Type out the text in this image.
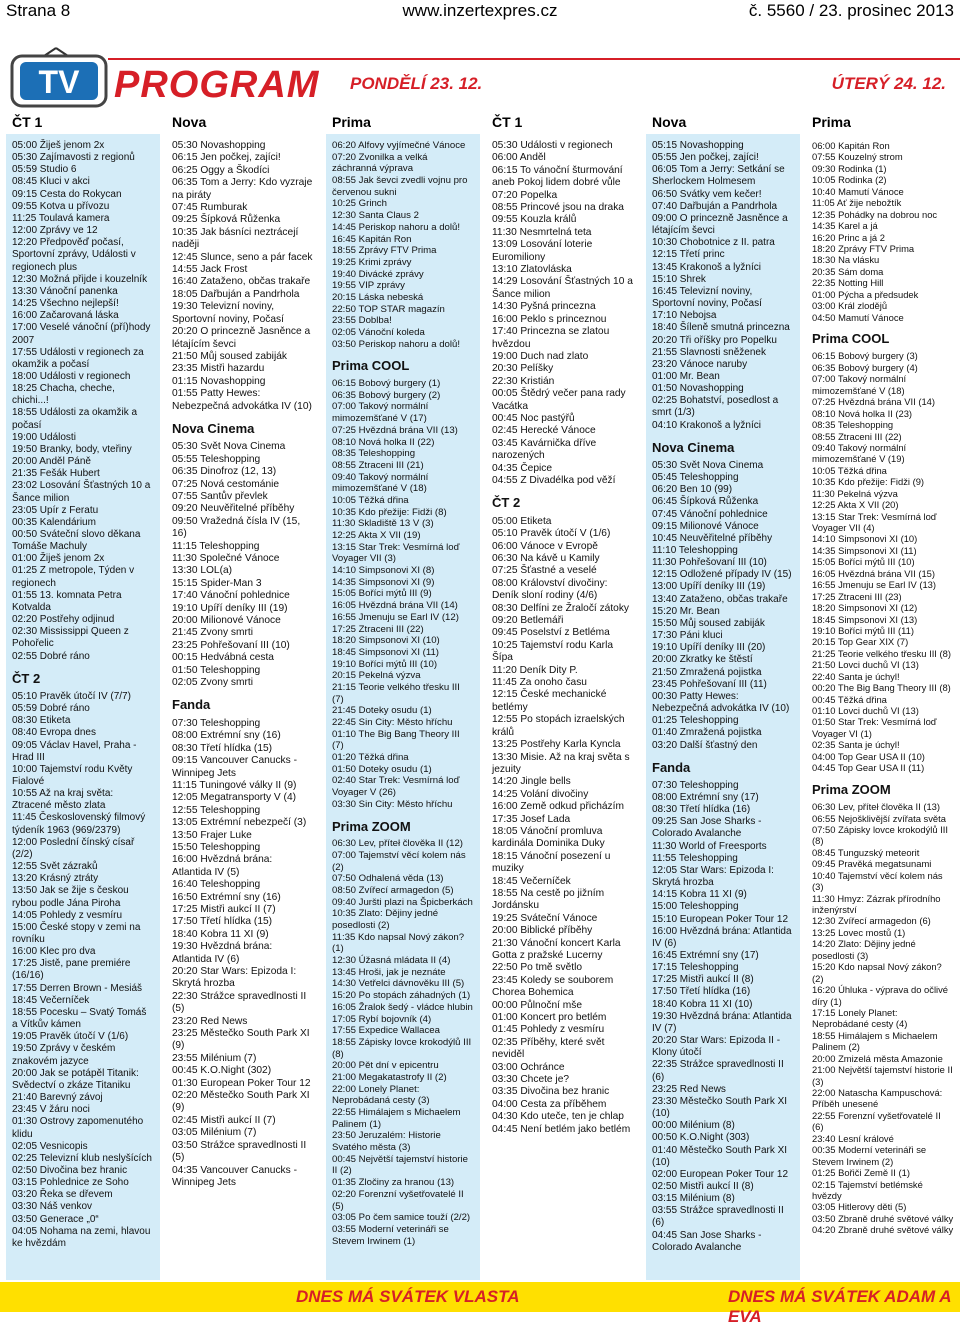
Strana 8	www.inzertexpres.cz	č. 5560 / 23. prosinec 2013
TV PROGRAM PONDĚLÍ 23. 12.	ÚTERÝ 24. 12.
ČT 1
05:00 Žiješ jenom 2x
05:30 Zajímavosti z regionů
05:59 Studio 6
08:45 Kluci v akci
09:15 Cesta do Rokycan
09:55 Kotva u přívozu
11:25 Toulavá kamera
12:00 Zprávy ve 12
12:20 Předpověď počasí, Sportovní zprávy, Události v regionech plus
12:30 Možná přijde i kouzelník
13:30 Vánoční panenka
14:25 Všechno nejlepší!
16:00 Začarovaná láska
17:00 Veselé vánoční (pří)hody 2007
17:55 Události v regionech za okamžik a počasí
18:00 Události v regionech
18:25 Chacha, cheche, chichi...!
18:55 Události za okamžik a počasí
19:00 Události
19:50 Branky, body, vteřiny
20:00 Anděl Páně
21:35 Fešák Hubert
23:02 Losování Šťastných 10 a Šance milion
23:05 Upír z Feratu
00:35 Kalendárium
00:50 Sváteční slovo děkana Tomáše Machuly
01:00 Žiješ jenom 2x
01:25 Z metropole, Týden v regionech
01:55 13. komnata Petra Kotvalda
02:20 Postřehy odjinud
02:30 Mississippi Queen z Pohořelic
02:55 Dobré ráno
ČT 2
05:10 Pravěk útočí IV (7/7)
05:59 Dobré ráno
08:30 Etiketa
08:40 Evropa dnes
09:05 Václav Havel, Praha - Hrad III
10:00 Tajemství rodu Květy Fialové
10:55 Až na kraj světa: Ztracené město zlata
11:45 Československý filmový týdeník 1963 (969/2379)
12:00 Poslední čínský císař (2/2)
12:55 Svět zázraků
13:20 Krásný ztráty
13:50 Jak se žije s českou rybou podle Jána Piroha
14:05 Pohledy z vesmíru
15:00 České stopy v zemi na rovníku
16:00 Klec pro dva
17:25 Jistě, pane premiére (16/16)
17:55 Derren Brown - Mesiáš
18:45 Večerníček
18:55 Pocesku – Svatý Tomáš a Vítkův kámen
19:05 Pravěk útočí V (1/6)
19:50 Zprávy v českém znakovém jazyce
20:00 Jak se potápěl Titanik: Svědectví o zkáze Titaniku
21:40 Barevný závoj
23:45 V žáru noci
01:30 Ostrovy zapomenutého klidu
02:05 Vesnicopis
02:25 Televizní klub neslyšících
02:50 Divočina bez hranic
03:15 Pohlednice ze Soho
03:20 Řeka se dřevem
03:30 Náš venkov
03:50 Generace „0“
04:05 Nohama na zemi, hlavou ke hvězdám
Nova
05:30 Novashopping
06:15 Jen počkej, zajíci!
06:25 Oggy a Škodíci
06:35 Tom a Jerry: Kdo vyzraje na piráty
07:45 Rumburak
09:25 Šípková Růženka
10:35 Jak básníci neztrácejí naději
12:45 Slunce, seno a pár facek
14:55 Jack Frost
16:40 Zataženo, občas trakaře
18:05 Dařbuján a Pandrhola
19:30 Televizní noviny, Sportovní noviny, Počasí
20:20 O princezně Jasněnce a létajícím ševci
21:50 Můj soused zabiják
23:35 Mistři hazardu
01:15 Novashopping
01:55 Patty Hewes: Nebezpečná advokátka IV (10)
Nova Cinema
05:30 Svět Nova Cinema
05:55 Teleshopping
06:35 Dinofroz (12, 13)
07:25 Nová cestománie
07:55 Santův převlek
09:20 Neuvěřitelné příběhy
09:50 Vražedná čísla IV (15, 16)
11:15 Teleshopping
11:30 Společné Vánoce
13:30 LOL(a)
15:15 Spider-Man 3
17:40 Vánoční pohlednice
19:10 Upíří deníky III (19)
20:00 Milionové Vánoce
21:45 Zvony smrti
23:25 Pohřešovaní III (10)
00:15 Hedvábná cesta
01:50 Teleshopping
02:05 Zvony smrti
Fanda
07:30 Teleshopping
08:00 Extrémní sny (16)
08:30 Třetí hlídka (15)
09:15 Vancouver Canucks - Winnipeg Jets
11:15 Tuningové války II (9)
12:05 Megatransporty V (4)
12:55 Teleshopping
13:05 Extrémní nebezpečí (3)
13:50 Frajer Luke
15:50 Teleshopping
16:00 Hvězdná brána: Atlantida IV (5)
16:40 Teleshopping
16:50 Extrémní sny (16)
17:25 Mistři aukcí II (7)
17:50 Třetí hlídka (15)
18:40 Kobra 11 XI (9)
19:30 Hvězdná brána: Atlantida IV (6)
20:20 Star Wars: Epizoda I: Skrytá hrozba
22:30 Strážce spravedlnosti II (5)
23:20 Red News
23:25 Městečko South Park XI (9)
23:55 Milénium (7)
00:45 K.O.Night (302)
01:30 European Poker Tour 12
02:20 Městečko South Park XI (9)
02:45 Mistři aukcí II (7)
03:05 Milénium (7)
03:50 Strážce spravedlnosti II (5)
04:35 Vancouver Canucks - Winnipeg Jets
Prima
06:20 Alfovy vyjímečné Vánoce
07:20 Zvonilka a velká záchranná výprava
08:55 Jak ševci zvedli vojnu pro červenou sukni
10:25 Grinch
12:30 Santa Claus 2
14:45 Periskop nahoru a dolů!
16:45 Kapitán Ron
18:55 Zprávy FTV Prima
19:25 Krimi zprávy
19:40 Divácké zprávy
19:55 VIP zprávy
20:15 Láska nebeská
22:50 TOP STAR magazín
23:55 Doblba!
02:05 Vánoční koleda
03:50 Periskop nahoru a dolů!
Prima COOL
06:15 Bobový burgery (1)
06:35 Bobový burgery (2)
07:00 Takový normální mimozemšťané V (17)
07:25 Hvězdná brána VII (13)
08:10 Nová holka II (22)
08:35 Teleshopping
08:55 Ztraceni III (21)
09:40 Takový normální mimozemšťané V (18)
10:05 Těžká dřina
10:35 Kdo přežije: Fidži (8)
11:30 Skladiště 13 V (3)
12:25 Akta X VII (19)
13:15 Star Trek: Vesmírná loď Voyager VII (3)
14:10 Simpsonovi XI (8)
14:35 Simpsonovi XI (9)
15:05 Boříci mýtů III (9)
16:05 Hvězdná brána VII (14)
16:55 Jmenuju se Earl IV (12)
17:25 Ztraceni III (22)
18:20 Simpsonovi XI (10)
18:45 Simpsonovi XI (11)
19:10 Boříci mýtů III (10)
20:15 Pekelná výzva
21:15 Teorie velkého třesku III (7)
21:45 Doteky osudu (1)
22:45 Sin City: Město hříchu
01:10 The Big Bang Theory III (7)
01:20 Těžká dřina
01:50 Doteky osudu (1)
02:40 Star Trek: Vesmírná loď Voyager V (26)
03:30 Sin City: Město hříchu
Prima ZOOM
06:30 Lev, příteł člověka II (12)
07:00 Tajemství věcí kolem nás (2)
07:50 Odhalená věda (13)
08:50 Zvířecí armagedon (5)
09:40 Juršti plazi na Špicberkách
10:35 Zlato: Dějiny jedné posedlosti (2)
11:35 Kdo napsal Nový zákon? (1)
12:30 Úžasná mládata II (4)
13:45 Hroši, jak je neznáte
14:30 Vetřelci dávnověku III (5)
15:20 Po stopách záhadných (1)
16:05 Žralok šedý - vládce hlubin
17:05 Rybí bojovník (4)
17:55 Expedice Wallacea
18:55 Zápisky lovce krokodýlů III (8)
20:00 Pět dní v epicentru
21:00 Megakatastrofy II (2)
22:00 Lonely Planet: Neprobádaná cesty (3)
22:55 Himálajem s Michaelem Palinem (1)
23:50 Jeruzalém: Historie Svatého města (3)
00:45 Největší tajemství historie II (2)
01:35 Zločiny za hranou (13)
02:20 Forenzní vyšetřovatelé II (5)
03:05 Po čem samice touží (2/2)
03:55 Moderní veterináři se Stevem Irwinem (1)
ČT 1
05:30 Události v regionech
06:00 Anděl
06:15 To vánoční šturmování aneb Pokoj lidem dobré vůle
07:20 Popelka
08:55 Princové jsou na draka
09:55 Kouzla králů
11:30 Nesmrtelná teta
13:09 Losování loterie Euromiliony
13:10 Zlatovláska
14:29 Losování Šťastných 10 a Šance milion
14:30 Pyšná princezna
16:00 Peklo s princeznou
17:40 Princezna se zlatou hvězdou
19:00 Duch nad zlato
20:30 Pelíšky
22:30 Kristián
00:05 Štědrý večer pana rady Vacátka
00:45 Noc pastýřů
02:45 Herecké Vánoce
03:45 Kavárnička dříve narozených
04:35 Čepice
04:55 Z Divadélka pod věží
ČT 2
05:00 Etiketa
05:10 Pravěk útočí V (1/6)
06:00 Vánoce v Evropě
06:30 Na kávě u Kamily
07:25 Šťastné a veselé
08:00 Království divočiny: Deník sloní rodiny (4/6)
08:30 Delfíni ze Žraločí zátoky
09:20 Betlemáři
09:45 Poselství z Betléma
10:25 Tajemství rodu Karla Šípa
11:20 Deník Dity P.
11:45 Za onoho času
12:15 České mechanické betlémy
12:55 Po stopách izraelských králů
13:25 Postřehy Karla Kyncla
13:30 Misie. Až na kraj světa s jezuity
14:20 Jingle bells
14:25 Volání divočiny
16:00 Země odkud přicházím
17:35 Josef Lada
18:05 Vánoční promluva kardinála Dominika Duky
18:15 Vánoční posezení u muziky
18:45 Večerníček
18:55 Na cestě po jižním Jordánsku
19:25 Sváteční Vánoce
20:00 Biblické příběhy
21:30 Vánoční koncert Karla Gotta z pražské Lucerny
22:50 Po tmě světlo
23:45 Koledy se souborem Chorea Bohemica
00:00 Půlnoční mše
01:00 Koncert pro betlém
01:45 Pohledy z vesmíru
02:35 Příběhy, které svět neviděl
03:00 Ochránce
03:30 Chcete je?
03:35 Divočina bez hranic
04:00 Cesta za příběhem
04:30 Kdo uteče, ten je chlap
04:45 Není betlém jako betlém
Nova
05:15 Novashopping
05:55 Jen počkej, zajíci!
06:05 Tom a Jerry: Setkání se Sherlockem Holmesem
06:50 Svátky vem kečer!
07:40 Dařbuján a Pandrhola
09:00 O princezně Jasněnce a létajícím ševci
10:30 Chobotnice z II. patra
12:15 Třetí princ
13:45 Krakonoš a lyžníci
15:10 Shrek
16:45 Televizní noviny, Sportovní noviny, Počasí
17:10 Nebojsa
18:40 Šíleně smutná princezna
20:20 Tři oříšky pro Popelku
21:55 Slavnosti sněženek
23:20 Vánoce naruby
01:00 Mr. Bean
01:50 Novashopping
02:25 Bohatství, posedlost a smrt (1/3)
04:10 Krakonoš a lyžníci
Nova Cinema
05:30 Svět Nova Cinema
05:45 Teleshopping
06:20 Ben 10 (99)
06:45 Šípková Růženka
07:45 Vánoční pohlednice
09:15 Milionové Vánoce
10:45 Neuvěřitelné příběhy
11:10 Teleshopping
11:30 Pohřešovaní III (10)
12:15 Odložené případy IV (15)
13:00 Upíří deníky III (19)
13:40 Zataženo, občas trakaře
15:20 Mr. Bean
15:50 Můj soused zabiják
17:30 Páni kluci
19:10 Upíří deníky III (20)
20:00 Zkratky ke štěstí
21:50 Zmražená pojistka
23:45 Pohřešovaní III (11)
00:30 Patty Hewes: Nebezpečná advokátka IV (10)
01:25 Teleshopping
01:40 Zmražená pojistka
03:20 Další šťastný den
Fanda
07:30 Teleshopping
08:00 Extrémní sny (17)
08:30 Třetí hlídka (16)
09:25 San Jose Sharks - Colorado Avalanche
11:30 World of Freesports
11:55 Teleshopping
12:05 Star Wars: Epizoda I: Skrytá hrozba
14:15 Kobra 11 XI (9)
15:00 Teleshopping
15:10 European Poker Tour 12
16:00 Hvězdná brána: Atlantida IV (6)
16:45 Extrémní sny (17)
17:15 Teleshopping
17:25 Mistři aukcí II (8)
17:50 Třetí hlídka (16)
18:40 Kobra 11 XI (10)
19:30 Hvězdná brána: Atlantida IV (7)
20:20 Star Wars: Epizoda II - Klony útočí
22:35 Strážce spravedlnosti II (6)
23:25 Red News
23:30 Městečko South Park XI (10)
00:00 Milénium (8)
00:50 K.O.Night (303)
01:40 Městečko South Park XI (10)
02:00 European Poker Tour 12
02:50 Mistři aukcí II (8)
03:15 Milénium (8)
03:55 Strážce spravedlnosti II (6)
04:45 San Jose Sharks - Colorado Avalanche
Prima
06:00 Kapitán Ron
07:55 Kouzelný strom
09:30 Rodinka (1)
10:05 Rodinka (2)
10:40 Mamutí Vánoce
11:05 Ať žije nebožtík
12:35 Pohádky na dobrou noc
14:35 Karel a já
16:20 Princ a já 2
18:20 Zprávy FTV Prima
18:30 Na vlásku
20:35 Sám doma
22:35 Notting Hill
01:00 Pýcha a předsudek
03:00 Král zlodějů
04:50 Mamutí Vánoce
Prima COOL
06:15 Bobový burgery (3)
06:35 Bobový burgery (4)
07:00 Takový normální mimozemšťané V (18)
07:25 Hvězdná brána VII (14)
08:10 Nová holka II (23)
08:35 Teleshopping
08:55 Ztraceni III (22)
09:40 Takový normální mimozemšťané V (19)
10:05 Těžká dřina
10:35 Kdo přežije: Fidži (9)
11:30 Pekelná výzva
12:25 Akta X VII (20)
13:15 Star Trek: Vesmírná loď Voyager VII (4)
14:10 Simpsonovi XI (10)
14:35 Simpsonovi XI (11)
15:05 Boříci mýtů III (10)
16:05 Hvězdná brána VII (15)
16:55 Jmenuju se Earl IV (13)
17:25 Ztraceni III (23)
18:20 Simpsonovi XI (12)
18:45 Simpsonovi XI (13)
19:10 Boříci mýtů III (11)
20:15 Top Gear XIX (7)
21:25 Teorie velkého třesku III (8)
21:50 Lovci duchů VI (13)
22:40 Santa je úchyl!
00:20 The Big Bang Theory III (8)
00:45 Těžká dřina
01:10 Lovci duchů VI (13)
01:50 Star Trek: Vesmírná loď Voyager VI (1)
02:35 Santa je úchyl!
04:00 Top Gear USA II (10)
04:45 Top Gear USA II (11)
Prima ZOOM
06:30 Lev, příteł člověka II (13)
06:55 Nejošklivější zvířata světa
07:50 Zápisky lovce krokodýlů III (8)
08:45 Tunguzský meteorit
09:45 Pravěká megatsunami
10:40 Tajemství věcí kolem nás (3)
11:30 Hmyz: Zázrak přírodního inženýrství
12:30 Zvířecí armagedon (6)
13:25 Lovec mostů (1)
14:20 Zlato: Dějiny jedné posedlosti (3)
15:20 Kdo napsal Nový zákon? (2)
16:20 Úhluka - výprava do očlivé díry (1)
17:15 Lonely Planet: Neprobádané cesty (4)
18:55 Himálajem s Michaelem Palinem (2)
20:00 Zmizelá města Amazonie
21:00 Největší tajemství historie II (3)
22:00 Natascha Kampuschová: Příběh unesené
22:55 Forenzní vyšetřovatelé II (6)
23:40 Lesní králové
00:35 Moderní veterináři se Stevem Irwinem (2)
01:25 Bořiči Země II (1)
02:15 Tajemství betlémské hvězdy
03:05 Hitlerovy děti (5)
03:50 Zbraně druhé světové války
04:20 Zbraně druhé světové války
DNES MÁ SVÁTEK VLASTA	DNES MÁ SVÁTEK ADAM A EVA
